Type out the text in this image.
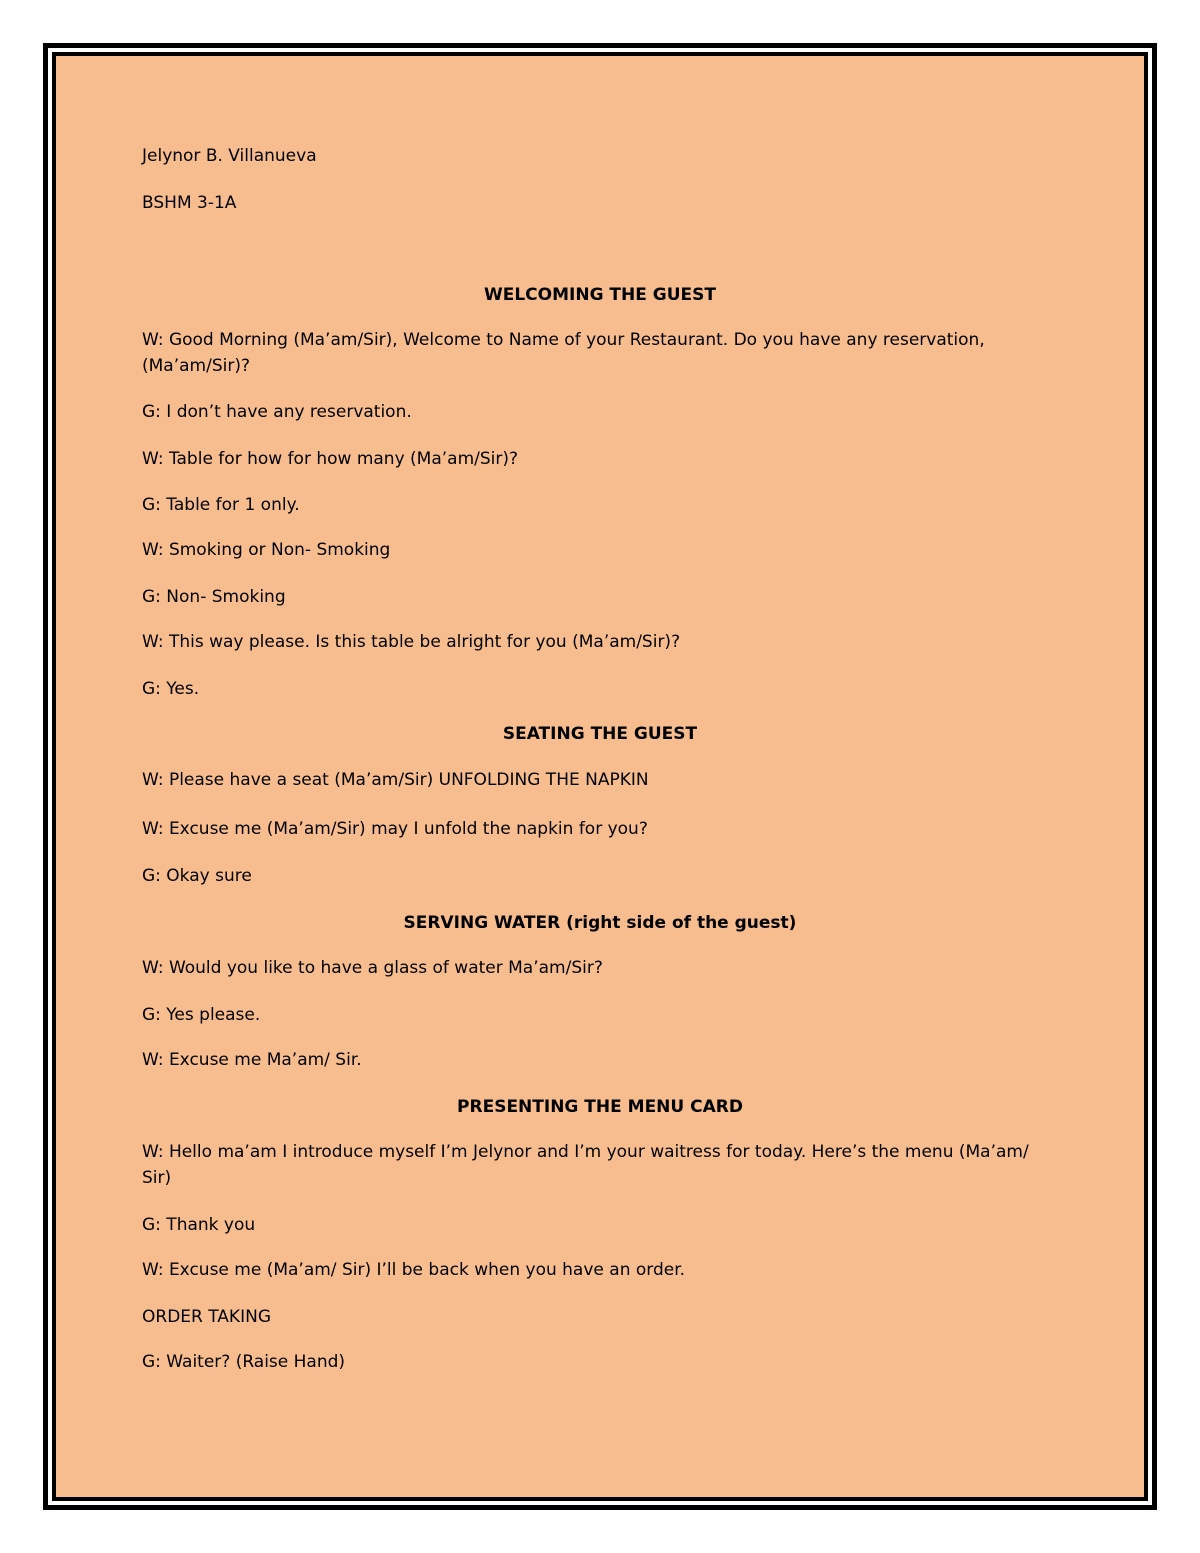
Jelynor B. Villanueva
BSHM 3-1A
WELCOMING THE GUEST
W: Good Morning (Ma’am/Sir), Welcome to Name of your Restaurant. Do you have any reservation, (Ma’am/Sir)?
G: I don’t have any reservation.
W: Table for how for how many (Ma’am/Sir)?
G: Table for 1 only.
W: Smoking or Non- Smoking
G: Non- Smoking
W: This way please. Is this table be alright for you (Ma’am/Sir)?
G: Yes.
SEATING THE GUEST
W: Please have a seat (Ma’am/Sir) UNFOLDING THE NAPKIN
W: Excuse me (Ma’am/Sir) may I unfold the napkin for you?
G: Okay sure
SERVING WATER (right side of the guest)
W: Would you like to have a glass of water Ma’am/Sir?
G: Yes please.
W: Excuse me Ma’am/ Sir.
PRESENTING THE MENU CARD
W: Hello ma’am I introduce myself I’m Jelynor and I’m your waitress for today. Here’s the menu (Ma’am/ Sir)
G: Thank you
W: Excuse me (Ma’am/ Sir) I’ll be back when you have an order.
ORDER TAKING
G: Waiter? (Raise Hand)
